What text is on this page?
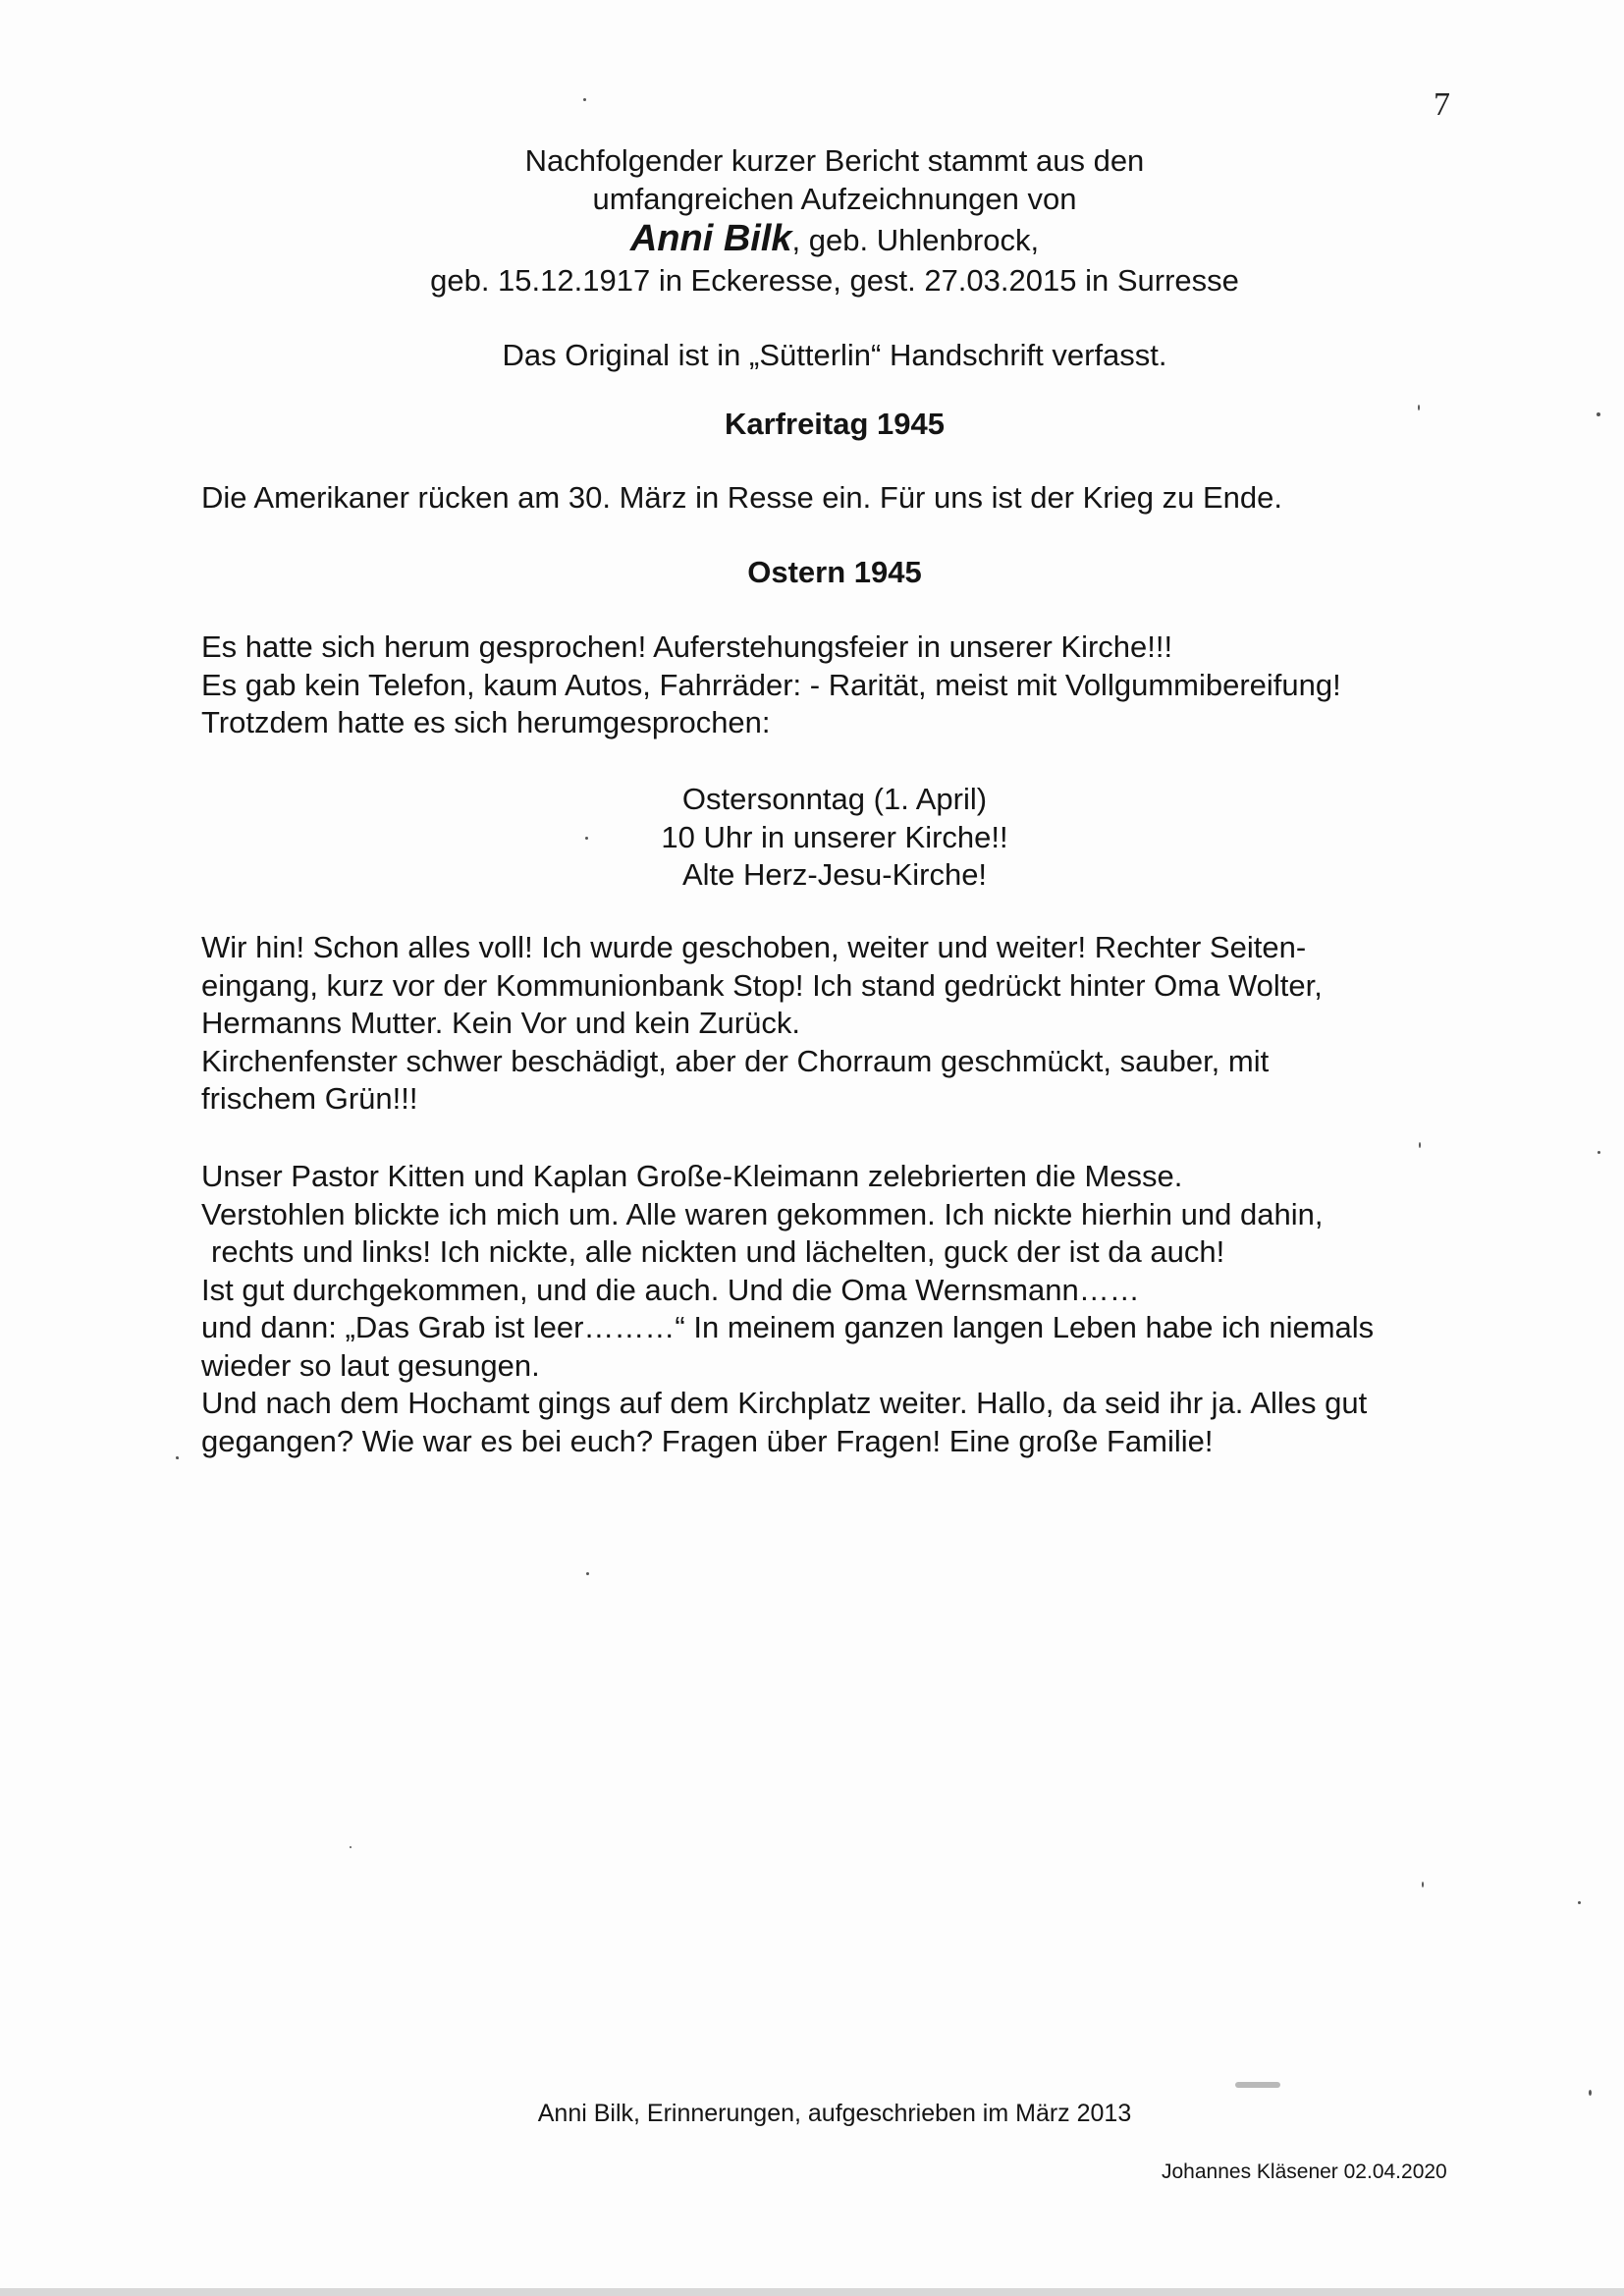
7
Nachfolgender kurzer Bericht stammt aus den
umfangreichen Aufzeichnungen von
Anni Bilk, geb. Uhlenbrock,
geb. 15.12.1917 in Eckeresse, gest. 27.03.2015 in Surresse
Das Original ist in „Sütterlin“ Handschrift verfasst.
Karfreitag 1945
Die Amerikaner rücken am 30. März in Resse ein. Für uns ist der Krieg zu Ende.
Ostern 1945
Es hatte sich herum gesprochen! Auferstehungsfeier in unserer Kirche!!!
Es gab kein Telefon, kaum Autos, Fahrräder: - Rarität, meist mit Vollgummibereifung!
Trotzdem hatte es sich herumgesprochen:
Ostersonntag (1. April)
10 Uhr in unserer Kirche!!
Alte Herz-Jesu-Kirche!
Wir hin! Schon alles voll! Ich wurde geschoben, weiter und weiter! Rechter Seiten-
eingang, kurz vor der Kommunionbank Stop! Ich stand gedrückt hinter Oma Wolter,
Hermanns Mutter. Kein Vor und kein Zurück.
Kirchenfenster schwer beschädigt, aber der Chorraum geschmückt, sauber, mit
frischem Grün!!!
Unser Pastor Kitten und Kaplan Große-Kleimann zelebrierten die Messe.
Verstohlen blickte ich mich um. Alle waren gekommen. Ich nickte hierhin und dahin,
rechts und links! Ich nickte, alle nickten und lächelten, guck der ist da auch!
Ist gut durchgekommen, und die auch. Und die Oma Wernsmann……
und dann: „Das Grab ist leer………“ In meinem ganzen langen Leben habe ich niemals
wieder so laut gesungen.
Und nach dem Hochamt gings auf dem Kirchplatz weiter. Hallo, da seid ihr ja. Alles gut
gegangen? Wie war es bei euch? Fragen über Fragen! Eine große Familie!
Anni Bilk, Erinnerungen, aufgeschrieben im März 2013
Johannes Kläsener 02.04.2020
